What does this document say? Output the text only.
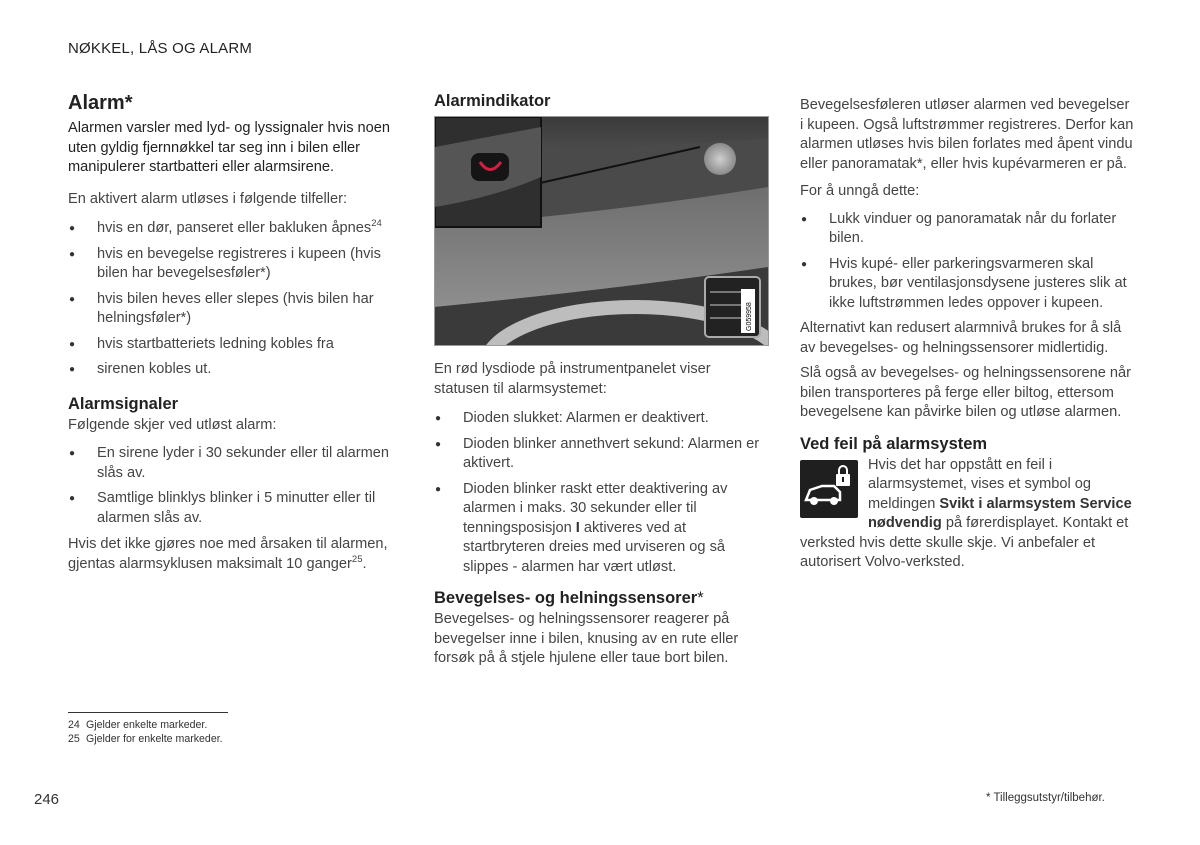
NØKKEL, LÅS OG ALARM
Alarm*

Alarmen varsler med lyd- og lyssignaler hvis noen uten gyldig fjernnøkkel tar seg inn i bilen eller manipulerer startbatteri eller alarmsirene.

En aktivert alarm utløses i følgende tilfeller:

● hvis en dør, panseret eller bakluken åpnes$^{24}$
● hvis en bevegelse registreres i kupeen (hvis bilen har bevegelsesføler*)
● hvis bilen heves eller slepes (hvis bilen har helningsføler*)
● hvis startbatteriets ledning kobles fra
● sirenen kobles ut.
Alarmsignaler

Følgende skjer ved utløst alarm:

● En sirene lyder i 30 sekunder eller til alarmen slås av.
● Samtlige blinklys blinker i 5 minutter eller til alarmen slås av.

Hvis det ikke gjøres noe med årsaken til alarmen, gjentas alarmsyklusen maksimalt 10 ganger$^{25}$.

Alarmindikator
G059958

En rød lysdiode på instrumentpanelet viser statusen til alarmsystemet:

● Dioden slukket: Alarmen er deaktivert.
● Dioden blinker annethvert sekund: Alarmen er aktivert.
● Dioden blinker raskt etter deaktivering av alarmen i maks. 30 sekunder eller til tenningsposisjon I aktiveres ved at startbryteren dreies med urviseren og så slippes - alarmen har vært utløst.
Bevegelses- og helningssensorer*

Bevegelses- og helningssensorer reagerer på bevegelser inne i bilen, knusing av en rute eller forsøk på å stjele hjulene eller taue bort bilen.

Bevegelsesføleren utløser alarmen ved bevegelser i kupeen. Også luftstrømmer registreres. Derfor kan alarmen utløses hvis bilen forlates med åpent vindu eller panoramatak*, eller hvis kupévarmeren er på.

For å unngå dette:

● Lukk vinduer og panoramatak når du forlater bilen.
● Hvis kupé- eller parkeringsvarmeren skal brukes, bør ventilasjonsdysene justeres slik at ikke luftstrømmen ledes oppover i kupeen.

Alternativt kan redusert alarmnivå brukes for å slå av bevegelses- og helningssensorer midlertidig.

Slå også av bevegelses- og helningssensorene når bilen transporteres på ferge eller biltog, ettersom bevegelsene kan påvirke bilen og utløse alarmen.

Ved feil på alarmsystem

Hvis det har oppstått en feil i alarmsystemet, vises et symbol og meldingen Svikt i alarmsystem Service nødvendig på førerdisplayet. Kontakt et verksted hvis dette skulle skje. Vi anbefaler et autorisert Volvo-verksted.

24 Gjelder enkelte markeder.
25 Gjelder for enkelte markeder.
246	* Tilleggsutstyr/tilbehør.
